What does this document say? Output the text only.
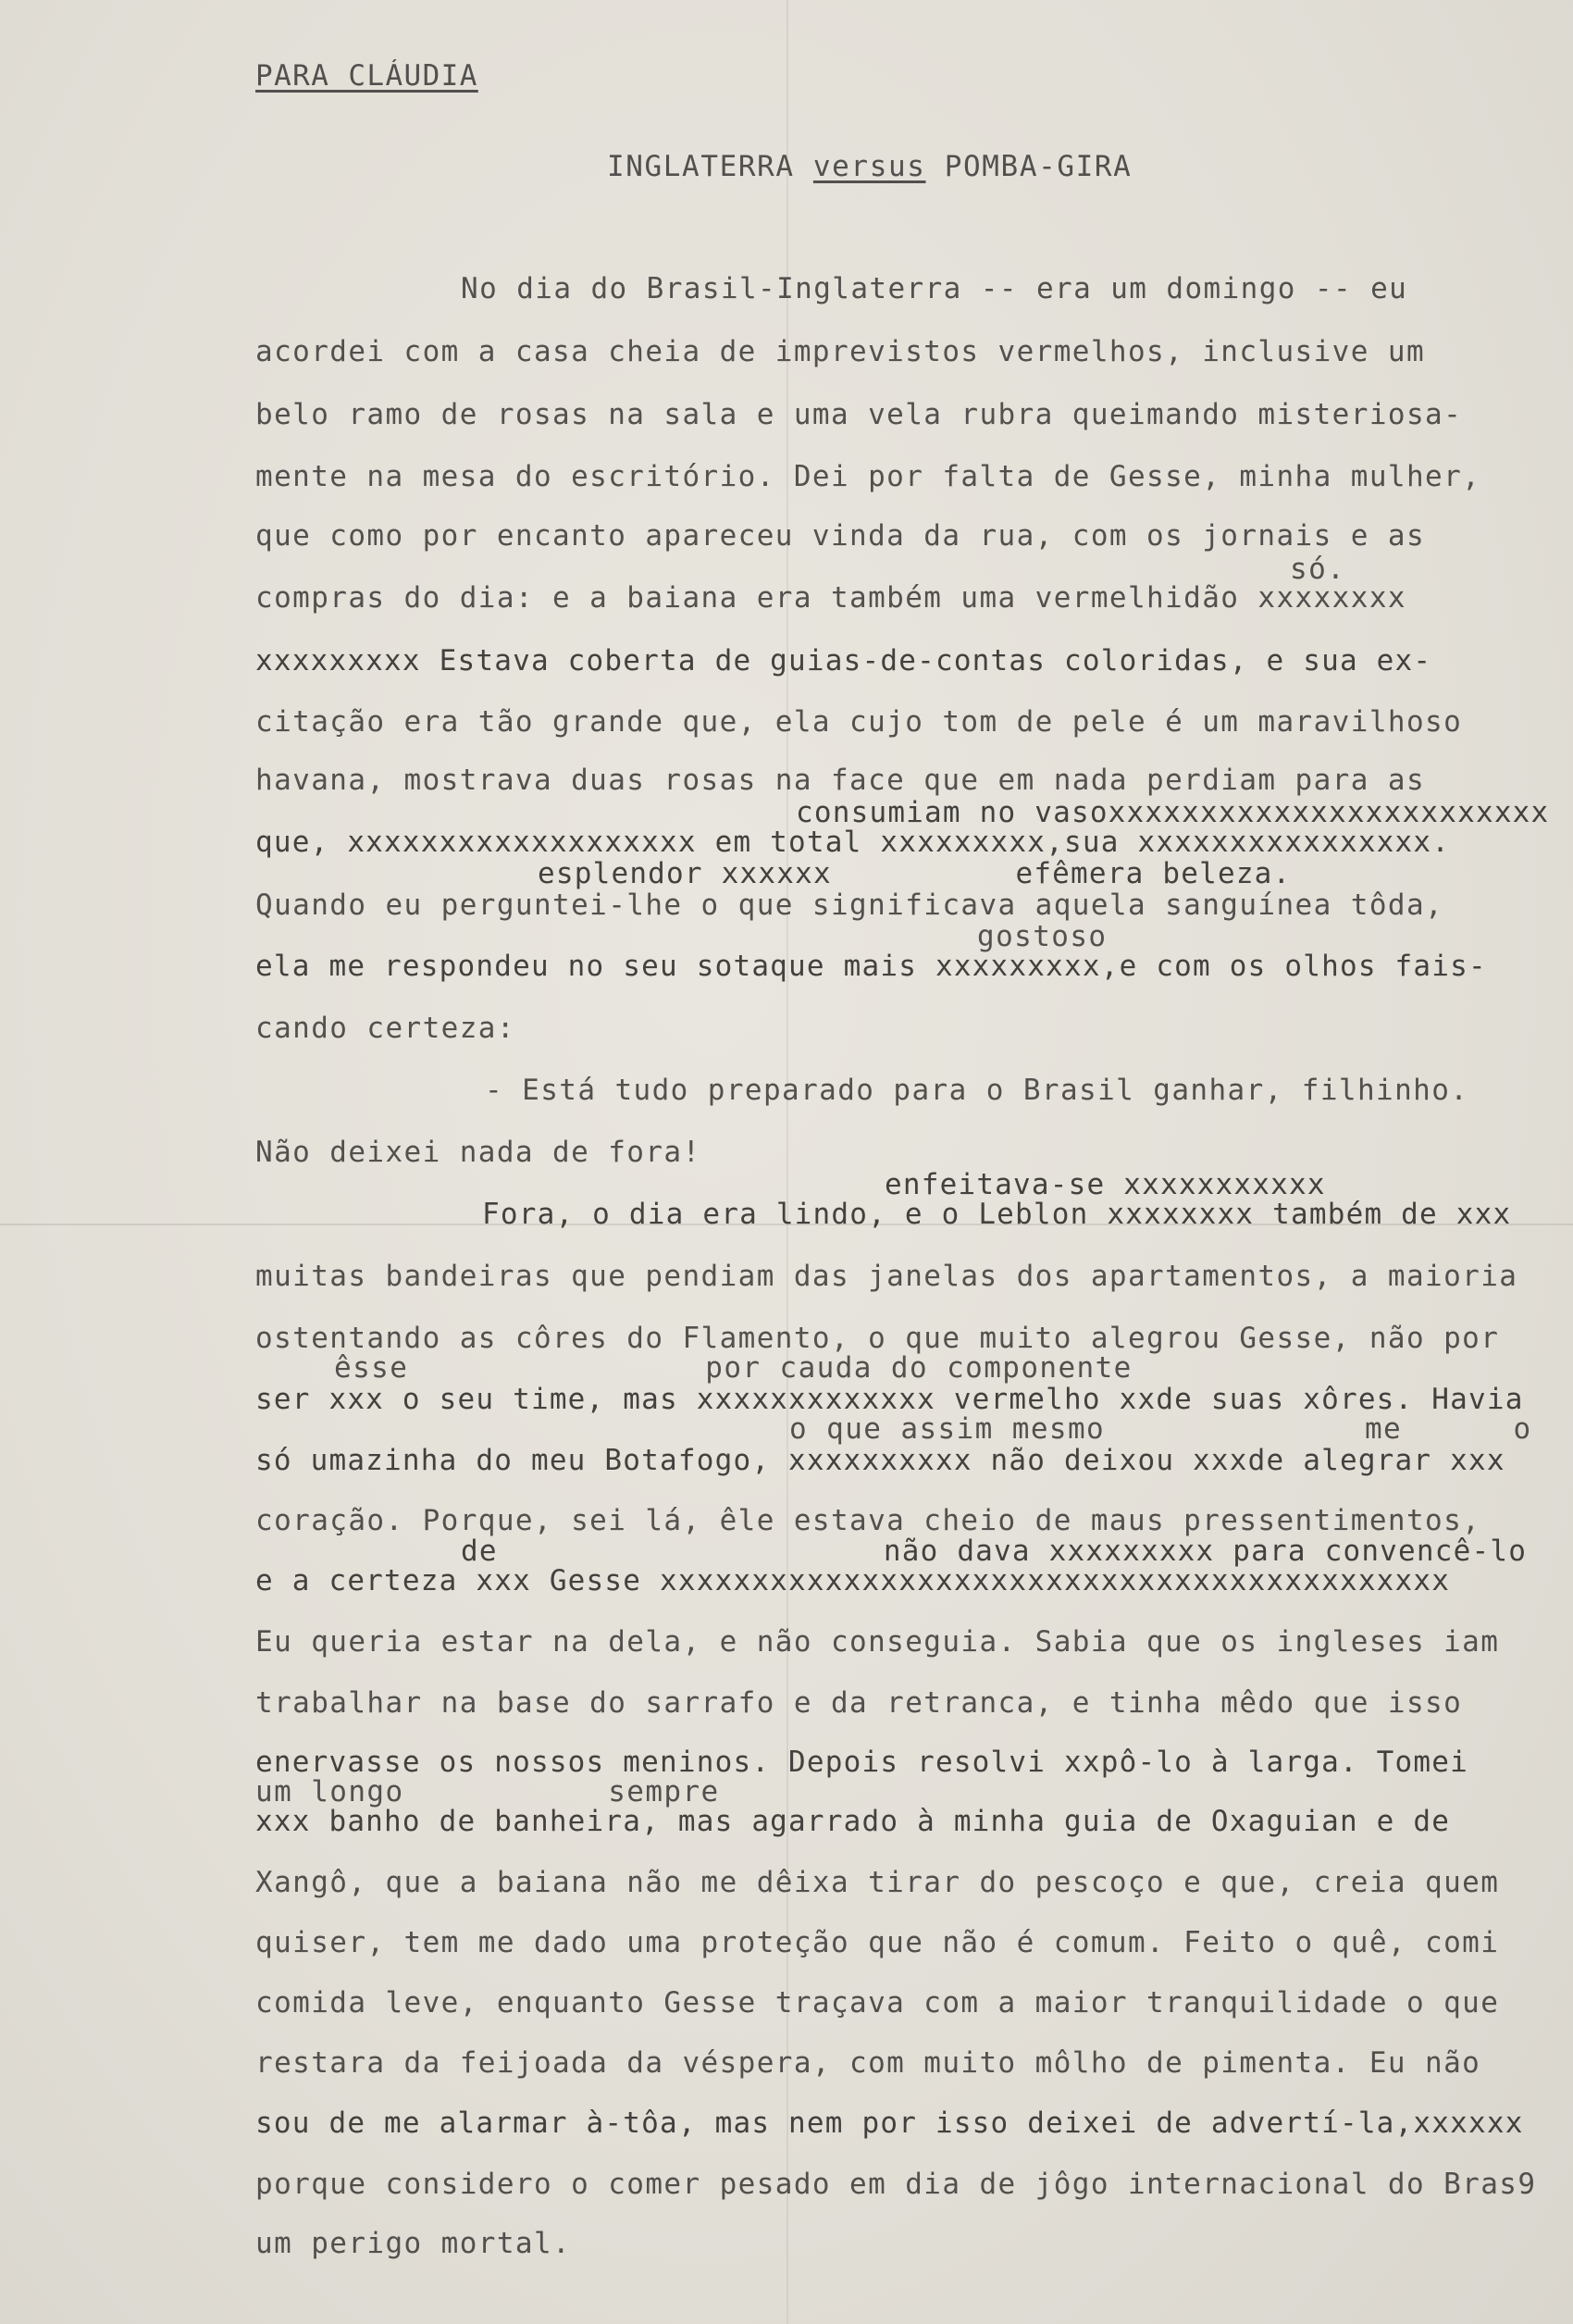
PARA CLÁUDIA
INGLATERRA versus POMBA-GIRA
No dia do Brasil-Inglaterra -- era um domingo -- eu
acordei com a casa cheia de imprevistos vermelhos, inclusive um
belo ramo de rosas na sala e uma vela rubra queimando misteriosa-
mente na mesa do escritório. Dei por falta de Gesse, minha mulher,
que como por encanto apareceu vinda da rua, com os jornais e as
só.
compras do dia: e a baiana era também uma vermelhidão xxxxxxxx
xxxxxxxxx Estava coberta de guias-de-contas coloridas, e sua ex-
citação era tão grande que, ela cujo tom de pele é um maravilhoso
havana, mostrava duas rosas na face que em nada perdiam para as
consumiam no vasoxxxxxxxxxxxxxxxxxxxxxxxx
que, xxxxxxxxxxxxxxxxxxx em total xxxxxxxxx,sua xxxxxxxxxxxxxxxx.
esplendor xxxxxx          efêmera beleza.
Quando eu perguntei-lhe o que significava aquela sanguínea tôda,
gostoso
ela me respondeu no seu sotaque mais xxxxxxxxx,e com os olhos fais-
cando certeza:
- Está tudo preparado para o Brasil ganhar, filhinho.
Não deixei nada de fora!
enfeitava-se xxxxxxxxxxx
Fora, o dia era lindo, e o Leblon xxxxxxxx também de xxx
muitas bandeiras que pendiam das janelas dos apartamentos, a maioria
ostentando as côres do Flamento, o que muito alegrou Gesse, não por
êsse                por cauda do componente
ser xxx o seu time, mas xxxxxxxxxxxxx vermelho xxde suas xôres. Havia
o que assim mesmo              me      o
só umazinha do meu Botafogo, xxxxxxxxxx não deixou xxxde alegrar xxx
coração. Porque, sei lá, êle estava cheio de maus pressentimentos,
de                     não dava xxxxxxxxx para convencê-lo
e a certeza xxx Gesse xxxxxxxxxxxxxxxxxxxxxxxxxxxxxxxxxxxxxxxxxxx
Eu queria estar na dela, e não conseguia. Sabia que os ingleses iam
trabalhar na base do sarrafo e da retranca, e tinha mêdo que isso
enervasse os nossos meninos. Depois resolvi xxpô-lo à larga. Tomei
um longo           sempre
xxx banho de banheira, mas agarrado à minha guia de Oxaguian e de
Xangô, que a baiana não me dêixa tirar do pescoço e que, creia quem
quiser, tem me dado uma proteção que não é comum. Feito o quê, comi
comida leve, enquanto Gesse traçava com a maior tranquilidade o que
restara da feijoada da véspera, com muito môlho de pimenta. Eu não
sou de me alarmar à-tôa, mas nem por isso deixei de advertí-la,xxxxxx
porque considero o comer pesado em dia de jôgo internacional do Bras9
um perigo mortal.
